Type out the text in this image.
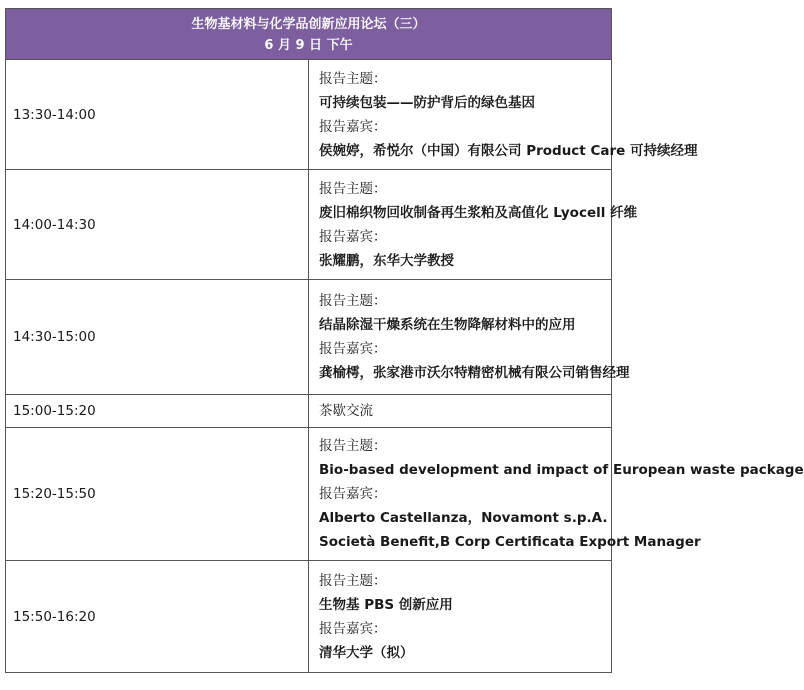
生物基材料与化学品创新应用论坛（三）
6 月 9 日 下午	

13:30-14:00	报告主题：
可持续包装——防护背后的绿色基因
报告嘉宾：
侯婉婷，希悦尔（中国）有限公司 Product Care 可持续经理

14:00-14:30	报告主题：
废旧棉织物回收制备再生浆粕及高值化 Lyocell 纤维
报告嘉宾：
张耀鹏，东华大学教授

14:30-15:00	报告主题：
结晶除湿干燥系统在生物降解材料中的应用
报告嘉宾：
龚榆樗，张家港市沃尔特精密机械有限公司销售经理

15:00-15:20	茶歇交流

15:20-15:50	报告主题：
Bio-based development and impact of European waste package
报告嘉宾：
Alberto Castellanza，Novamont s.p.A.
Società Benefit,B Corp Certificata Export Manager

15:50-16:20	报告主题：
生物基 PBS 创新应用
报告嘉宾：
清华大学（拟）
